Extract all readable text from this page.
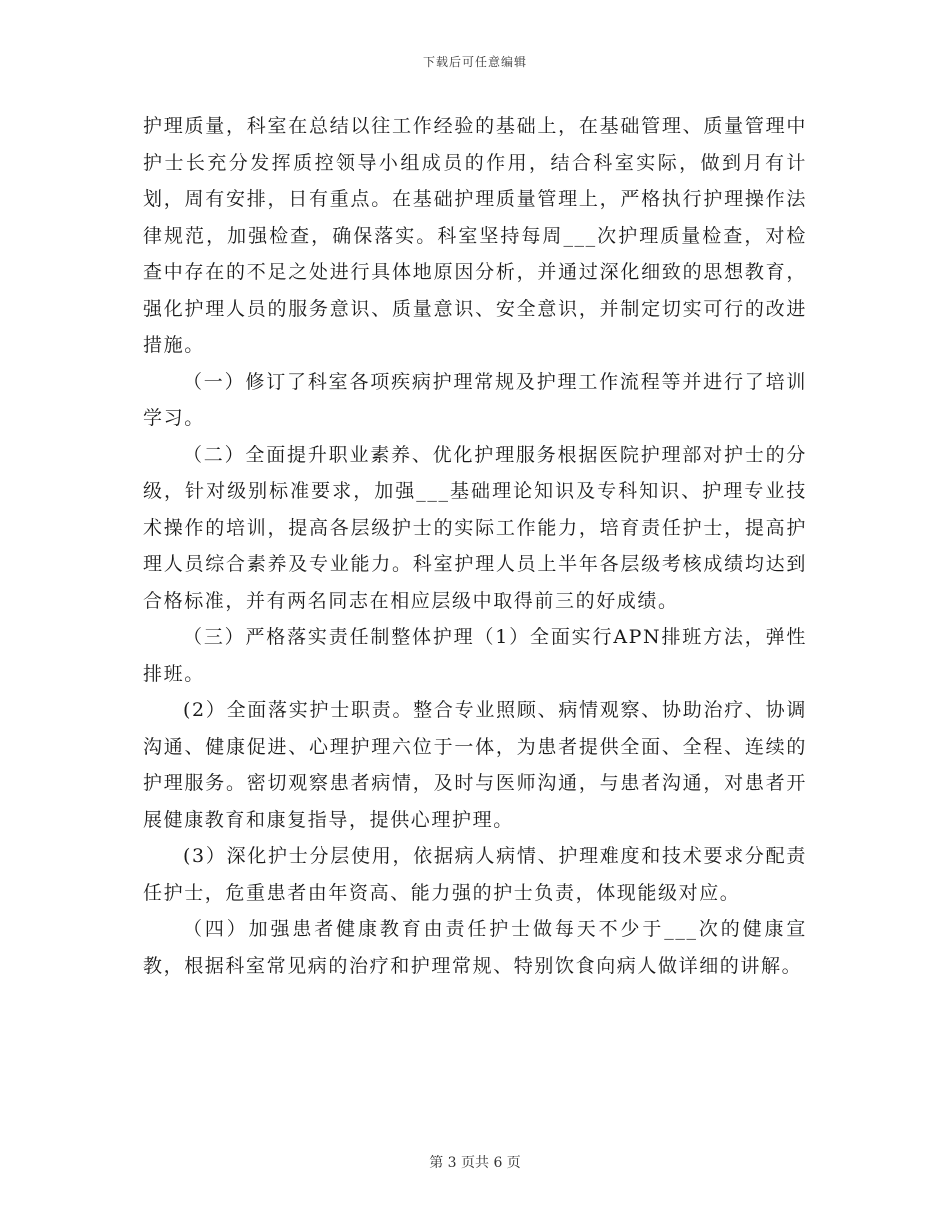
下载后可任意编辑

护理质量，科室在总结以往工作经验的基础上，在基础管理、质量管理中护士长充分发挥质控领导小组成员的作用，结合科室实际，做到月有计划，周有安排，日有重点。在基础护理质量管理上，严格执行护理操作法律规范，加强检查，确保落实。科室坚持每周___次护理质量检查，对检查中存在的不足之处进行具体地原因分析，并通过深化细致的思想教育，强化护理人员的服务意识、质量意识、安全意识，并制定切实可行的改进措施。

（一）修订了科室各项疾病护理常规及护理工作流程等并进行了培训学习。

（二）全面提升职业素养、优化护理服务根据医院护理部对护士的分级，针对级别标准要求，加强___基础理论知识及专科知识、护理专业技术操作的培训，提高各层级护士的实际工作能力，培育责任护士，提高护理人员综合素养及专业能力。科室护理人员上半年各层级考核成绩均达到合格标准，并有两名同志在相应层级中取得前三的好成绩。

（三）严格落实责任制整体护理（1）全面实行APN排班方法，弹性排班。

(2）全面落实护士职责。整合专业照顾、病情观察、协助治疗、协调沟通、健康促进、心理护理六位于一体，为患者提供全面、全程、连续的护理服务。密切观察患者病情，及时与医师沟通，与患者沟通，对患者开展健康教育和康复指导，提供心理护理。

(3）深化护士分层使用，依据病人病情、护理难度和技术要求分配责任护士，危重患者由年资高、能力强的护士负责，体现能级对应。

（四）加强患者健康教育由责任护士做每天不少于___次的健康宣教，根据科室常见病的治疗和护理常规、特别饮食向病人做详细的讲解。

第 3 页共 6 页
